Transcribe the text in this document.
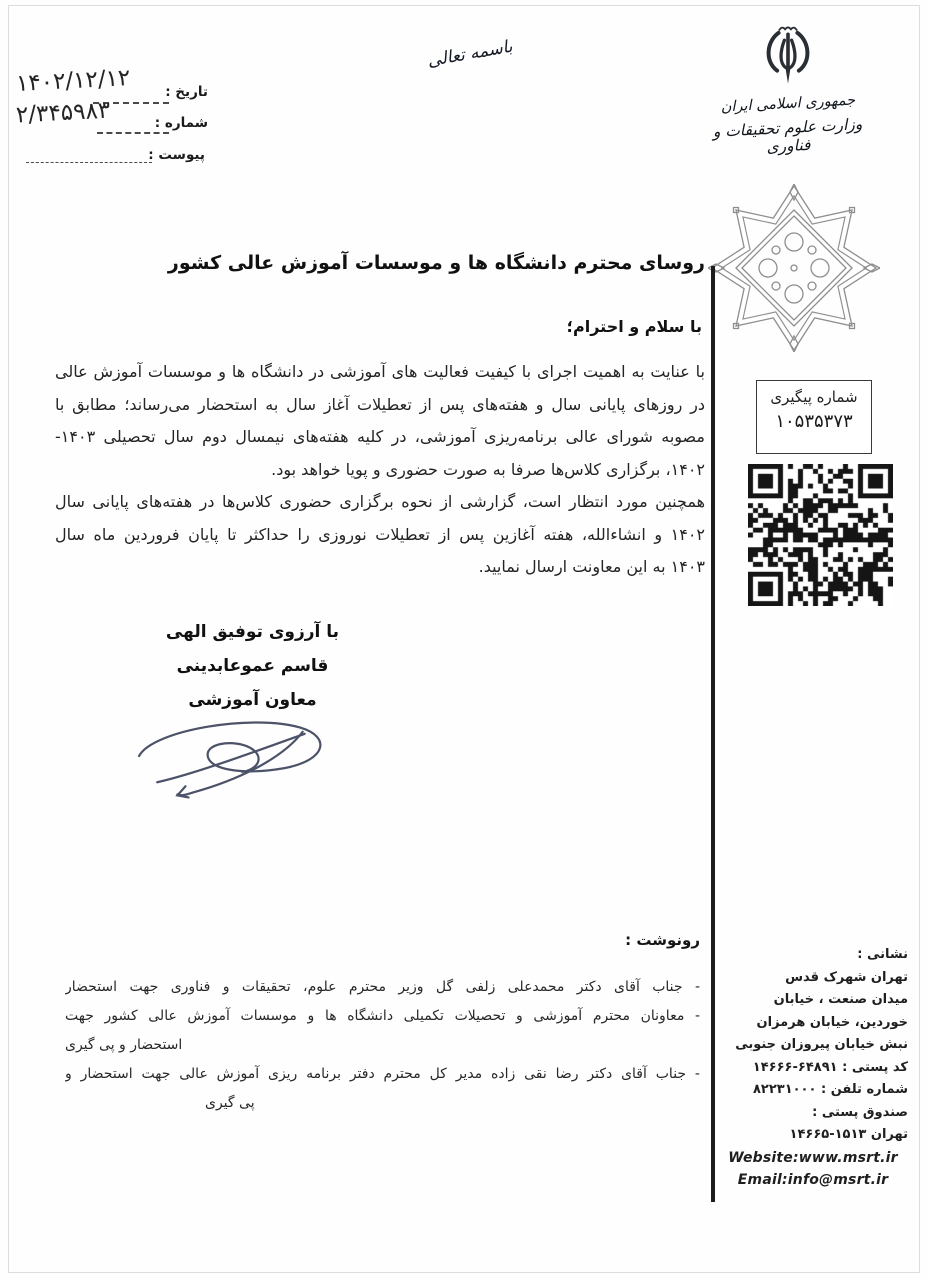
تاریخ :
۱۴۰۲/۱۲/۱۲
شماره :
۲/۳۴۵۹۸۳
پیوست :
باسمه تعالی
جمهوری اسلامی ایران
وزارت علوم تحقیقات و فناوری
روسای محترم دانشگاه ها و موسسات آموزش عالی کشور
با سلام و احترام؛
با عنایت به اهمیت اجرای با کیفیت فعالیت های آموزشی در دانشگاه ها و موسسات آموزش عالی
در روزهای پایانی سال و هفته‌های پس از تعطیلات آغاز سال به استحضار می‌رساند؛ مطابق با
مصوبه شورای عالی برنامه‌ریزی آموزشی، در کلیه هفته‌های نیمسال دوم سال تحصیلی ۱۴۰۳-
۱۴۰۲، برگزاری کلاس‌ها صرفا به صورت حضوری و پویا خواهد بود.
همچنین مورد انتظار است، گزارشی از نحوه برگزاری حضوری کلاس‌ها در هفته‌های پایانی سال
۱۴۰۲ و انشاءالله، هفته آغازین پس از تعطیلات نوروزی را حداکثر تا پایان فروردین ماه سال
۱۴۰۳ به این معاونت ارسال نمایید.
شماره پیگیری
۱۰۵۳۵۳۷۳
با آرزوی توفیق الهی
قاسم عموعابدینی
معاون آموزشی
رونوشت :
- جناب آقای دکتر محمدعلی زلفی گل وزیر محترم علوم، تحقیقات و فناوری جهت استحضار
- معاونان محترم آموزشی و تحصیلات تکمیلی دانشگاه ها و موسسات آموزش عالی کشور جهت
استحضار و پی گیری
- جناب آقای دکتر رضا نقی زاده مدیر کل محترم دفتر برنامه ریزی آموزش عالی جهت استحضار و
پی گیری
نشانی :
تهران شهرک قدس
میدان صنعت ، خیابان
خوردین، خیابان هرمزان
نبش خیابان پیروزان جنوبی
کد پستی : ۶۴۸۹۱-۱۴۶۶۶
شماره تلفن : ۸۲۲۳۱۰۰۰
صندوق پستی :
تهران ۱۵۱۳-۱۴۶۶۵
Website:www.msrt.ir
Email:info@msrt.ir
